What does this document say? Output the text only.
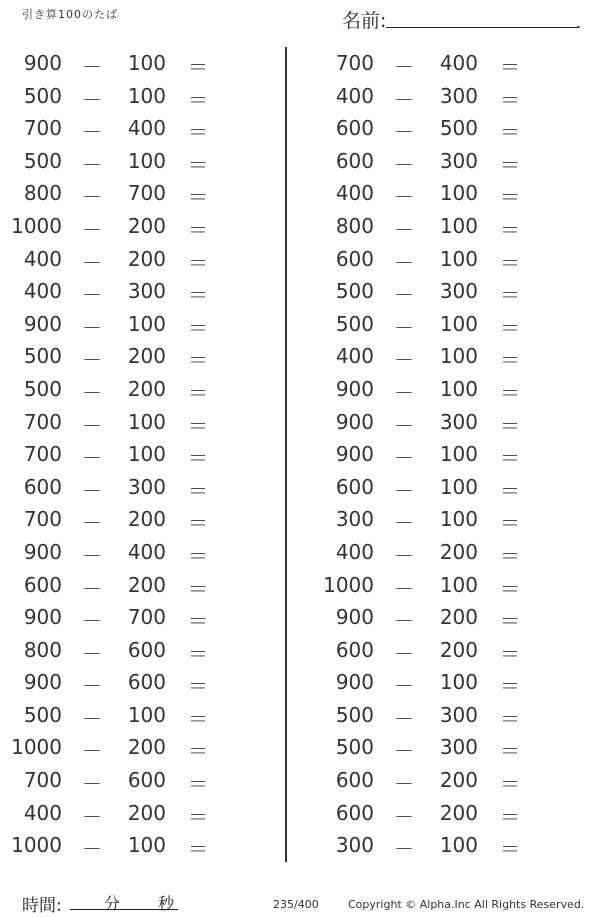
引き算100のたば	名前:	.
900 －	100 ＝
500 －	100 ＝
700 －	400 ＝
500 －	100 ＝
800 －	700 ＝
1000 －	200 ＝
400 －	200 ＝
400 －	300 ＝
900 －	100 ＝
500 －	200 ＝
500 －	200 ＝
700 －	100 ＝
700 －	100 ＝
600 －	300 ＝
700 －	200 ＝
900 －	400 ＝
600 －	200 ＝
900 －	700 ＝
800 －	600 ＝
900 －	600 ＝
500 －	100 ＝
1000 －	200 ＝
700 －	600 ＝
400 －	200 ＝
1000 －	100 ＝
700 －	400 ＝
400 －	300 ＝
600 －	500 ＝
600 －	300 ＝
400 －	100 ＝
800 －	100 ＝
600 －	100 ＝
500 －	300 ＝
500 －	100 ＝
400 －	100 ＝
900 －	100 ＝
900 －	300 ＝
900 －	100 ＝
600 －	100 ＝
300 －	100 ＝
400 －	200 ＝
1000 －	100 ＝
900 －	200 ＝
600 －	200 ＝
900 －	100 ＝
500 －	300 ＝
500 －	300 ＝
600 －	200 ＝
600 －	200 ＝
300 －	100 ＝
時間:	分 秒	235/400	Copyright © Alpha.Inc All Rights Reserved.
